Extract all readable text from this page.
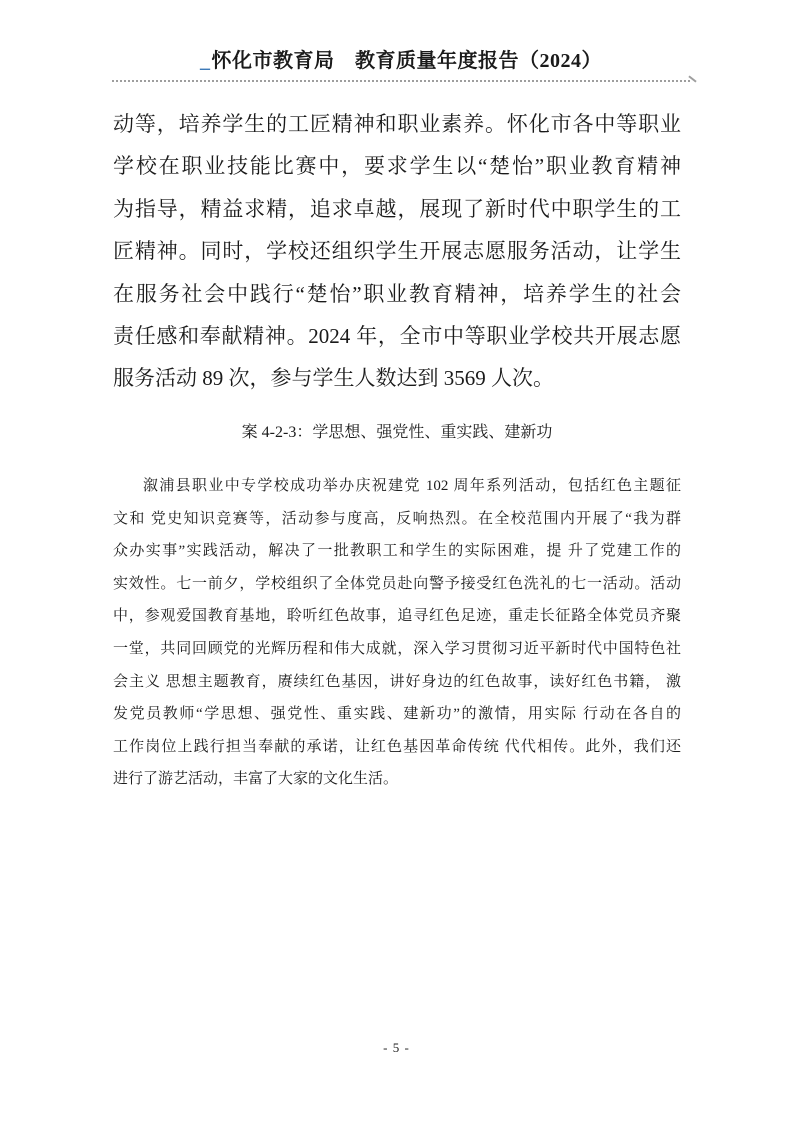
_怀化市教育局　教育质量年度报告（2024）
动等，培养学生的工匠精神和职业素养。怀化市各中等职业
学校在职业技能比赛中，要求学生以“楚怡”职业教育精神
为指导，精益求精，追求卓越，展现了新时代中职学生的工
匠精神。同时，学校还组织学生开展志愿服务活动，让学生
在服务社会中践行“楚怡”职业教育精神，培养学生的社会
责任感和奉献精神。2024 年，全市中等职业学校共开展志愿
服务活动 89 次，参与学生人数达到 3569 人次。
案 4-2-3：学思想、强党性、重实践、建新功
溆浦县职业中专学校成功举办庆祝建党 102 周年系列活动，包括红色主题征
文和 党史知识竞赛等，活动参与度高，反响热烈。在全校范围内开展了“我为群
众办实事”实践活动，解决了一批教职工和学生的实际困难，提 升了党建工作的
实效性。七一前夕，学校组织了全体党员赴向警予接受红色洗礼的七一活动。活动
中，参观爱国教育基地，聆听红色故事，追寻红色足迹，重走长征路全体党员齐聚
一堂，共同回顾党的光辉历程和伟大成就，深入学习贯彻习近平新时代中国特色社
会主义 思想主题教育，赓续红色基因，讲好身边的红色故事，读好红色书籍， 激
发党员教师“学思想、强党性、重实践、建新功”的激情，用实际 行动在各自的
工作岗位上践行担当奉献的承诺，让红色基因革命传统 代代相传。此外，我们还
进行了游艺活动，丰富了大家的文化生活。
- 5 -
